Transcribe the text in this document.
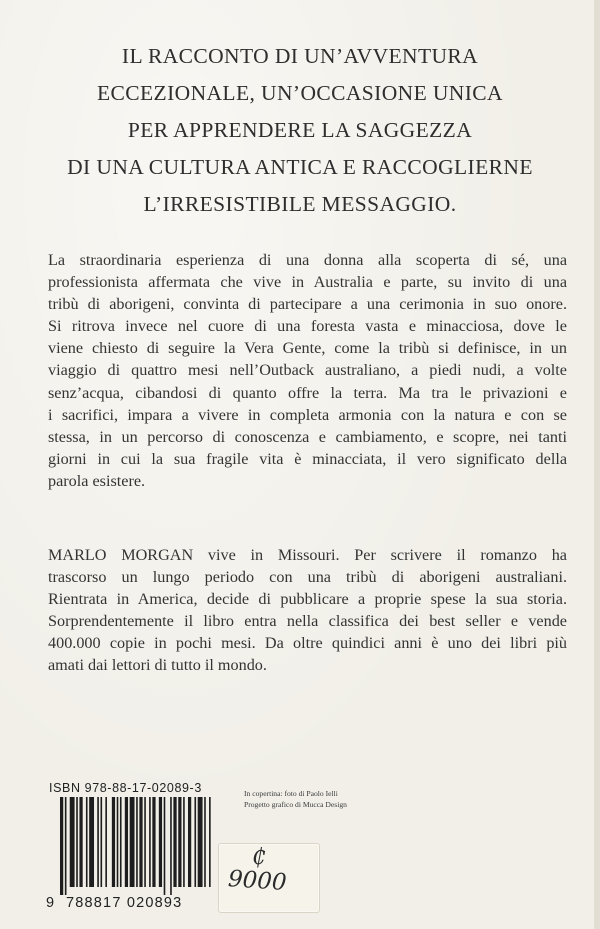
IL RACCONTO DI UN’AVVENTURA
ECCEZIONALE, UN’OCCASIONE UNICA
PER APPRENDERE LA SAGGEZZA
DI UNA CULTURA ANTICA E RACCOGLIERNE
L’IRRESISTIBILE MESSAGGIO.
La straordinaria esperienza di una donna alla scoperta di sé, una
professionista affermata che vive in Australia e parte, su invito di una
tribù di aborigeni, convinta di partecipare a una cerimonia in suo onore.
Si ritrova invece nel cuore di una foresta vasta e minacciosa, dove le
viene chiesto di seguire la Vera Gente, come la tribù si definisce, in un
viaggio di quattro mesi nell’Outback australiano, a piedi nudi, a volte
senz’acqua, cibandosi di quanto offre la terra. Ma tra le privazioni e
i sacrifici, impara a vivere in completa armonia con la natura e con se
stessa, in un percorso di conoscenza e cambiamento, e scopre, nei tanti
giorni in cui la sua fragile vita è minacciata, il vero significato della
parola esistere.
MARLO MORGAN vive in Missouri. Per scrivere il romanzo ha
trascorso un lungo periodo con una tribù di aborigeni australiani.
Rientrata in America, decide di pubblicare a proprie spese la sua storia.
Sorprendentemente il libro entra nella classifica dei best seller e vende
400.000 copie in pochi mesi. Da oltre quindici anni è uno dei libri più
amati dai lettori di tutto il mondo.
ISBN 978-88-17-02089-3
9 788817 020893
In copertina: foto di Paolo Ielli
Progetto grafico di Mucca Design
₵
9000
